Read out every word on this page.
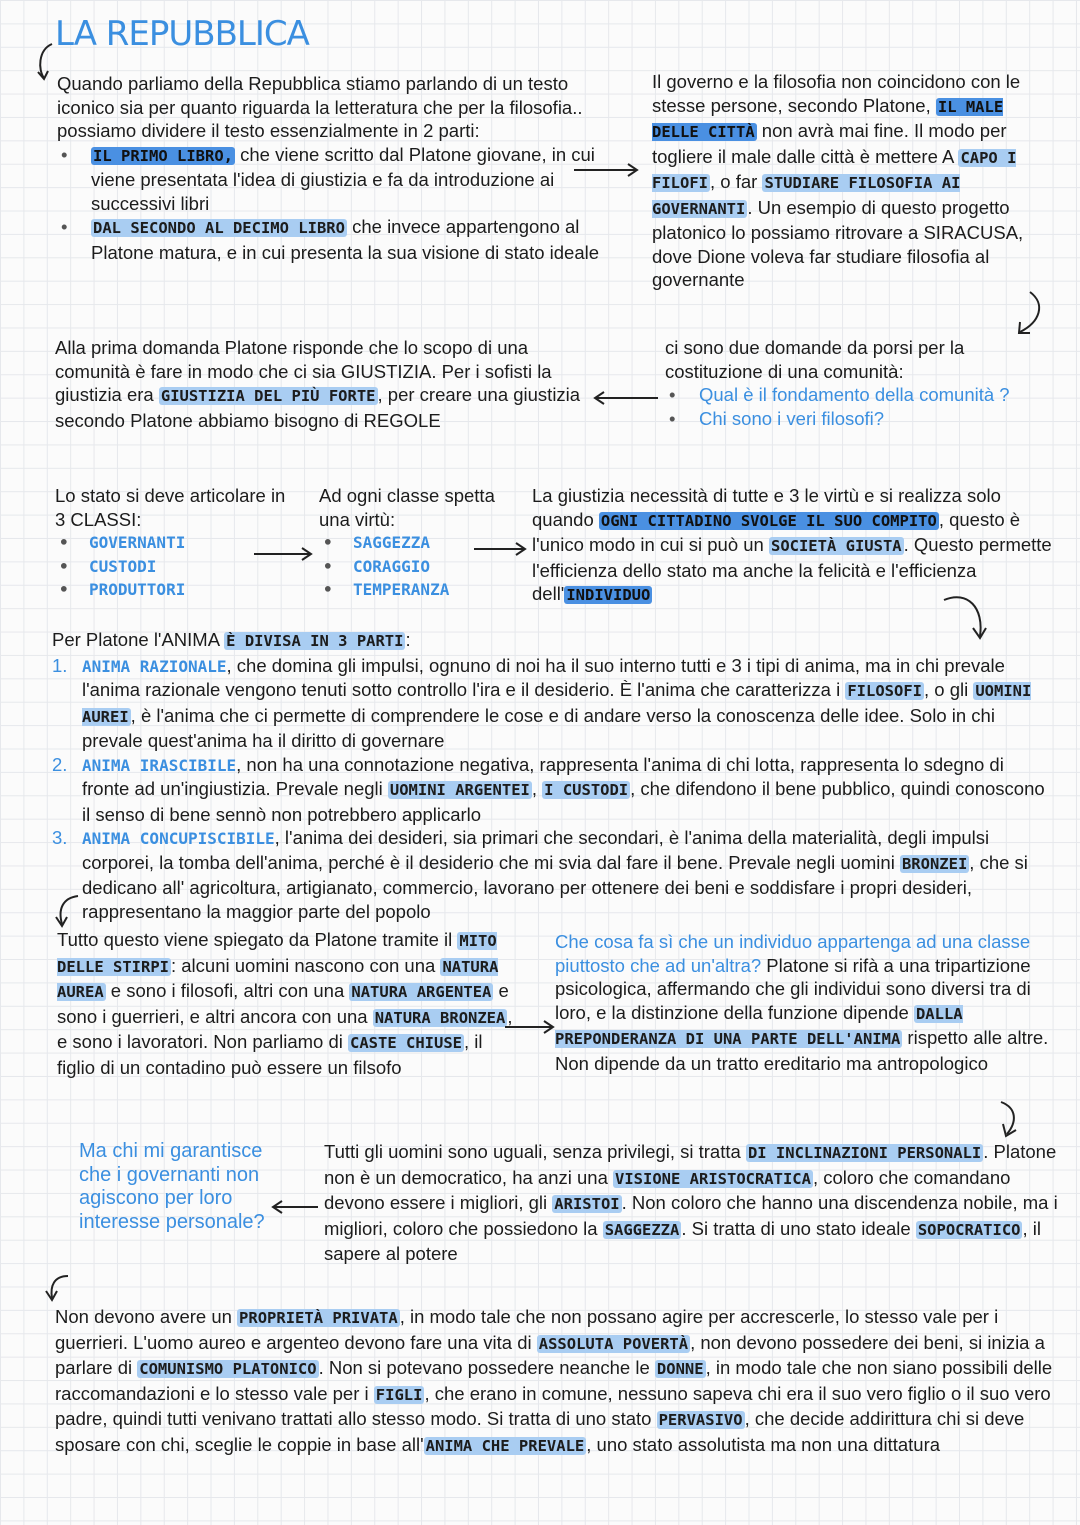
LA REPUBBLICA

Quando parliamo della Repubblica stiamo parlando di un testo iconico sia per quanto riguarda la letteratura che per la filosofia.. possiamo dividere il testo essenzialmente in 2 parti:

• IL PRIMO LIBRO, che viene scritto dal Platone giovane, in cui viene presentata l'idea di giustizia e fa da introduzione ai successivi libri

• DAL SECONDO AL DECIMO LIBRO che invece appartengono al Platone matura, e in cui presenta la sua visione di stato ideale

Il governo e la filosofia non coincidono con le stesse persone, secondo Platone, IL MALE DELLE CITTÀ non avrà mai fine. Il modo per togliere il male dalle città è mettere A CAPO I FILOFI , o far STUDIARE FILOSOFIA AI GOVERNANTI . Un esempio di questo progetto platonico lo possiamo ritrovare a SIRACUSA, dove Dione voleva far studiare filosofia al governante

Alla prima domanda Platone risponde che lo scopo di una comunità è fare in modo che ci sia GIUSTIZIA. Per i sofisti la giustizia era GIUSTIZIA DEL PIÙ FORTE , per creare una giustizia secondo Platone abbiamo bisogno di REGOLE

ci sono due domande da porsi per la costituzione di una comunità:

• Qual è il fondamento della comunità ?

• Chi sono i veri filosofi?

Lo stato si deve articolare in 3 CLASSI:

• GOVERNANTI

• CUSTODI

• PRODUTTORI

Ad ogni classe spetta una virtù:

• SAGGEZZA

• CORAGGIO

• TEMPERANZA

La giustizia necessità di tutte e 3 le virtù e si realizza solo quando OGNI CITTADINO SVOLGE IL SUO COMPITO , questo è l'unico modo in cui si può un SOCIETÀ GIUSTA . Questo permette l'efficienza dello stato ma anche la felicità e l'efficienza dell' INDIVIDUO

Per Platone l'ANIMA È DIVISA IN 3 PARTI :

1. ANIMA RAZIONALE, che domina gli impulsi, ognuno di noi ha il suo interno tutti e 3 i tipi di anima, ma in chi prevale l'anima razionale vengono tenuti sotto controllo l'ira e il desiderio. È l'anima che caratterizza i FILOSOFI , o gli UOMINI AUREI , è l'anima che ci permette di comprendere le cose e di andare verso la conoscenza delle idee. Solo in chi prevale quest'anima ha il diritto di governare

2. ANIMA IRASCIBILE, non ha una connotazione negativa, rappresenta l'anima di chi lotta, rappresenta lo sdegno di fronte ad un'ingiustizia. Prevale negli UOMINI ARGENTEI , I CUSTODI , che difendono il bene pubblico, quindi conoscono il senso di bene sennò non potrebbero applicarlo

3. ANIMA CONCUPISCIBILE, l'anima dei desideri, sia primari che secondari, è l'anima della materialità, degli impulsi corporei, la tomba dell'anima, perché è il desiderio che mi svia dal fare il bene. Prevale negli uomini BRONZEI , che si dedicano all' agricoltura, artigianato, commercio, lavorano per ottenere dei beni e soddisfare i propri desideri, rappresentano la maggior parte del popolo

Tutto questo viene spiegato da Platone tramite il MITO DELLE STIRPI : alcuni uomini nascono con una NATURA AUREA e sono i filosofi, altri con una NATURA ARGENTEA e sono i guerrieri, e altri ancora con una NATURA BRONZEA , e sono i lavoratori. Non parliamo di CASTE CHIUSE , il figlio di un contadino può essere un filsofo

Che cosa fa sì che un individuo appartenga ad una classe piuttosto che ad un'altra? Platone si rifà a una tripartizione psicologica, affermando che gli individui sono diversi tra di loro, e la distinzione della funzione dipende DALLA PREPONDERANZA DI UNA PARTE DELL'ANIMA rispetto alle altre. Non dipende da un tratto ereditario ma antropologico

Ma chi mi garantisce che i governanti non agiscono per loro interesse personale?

Tutti gli uomini sono uguali, senza privilegi, si tratta DI INCLINAZIONI PERSONALI . Platone non è un democratico, ha anzi una VISIONE ARISTOCRATICA , coloro che comandano devono essere i migliori, gli ARISTOI . Non coloro che hanno una discendenza nobile, ma i migliori, coloro che possiedono la SAGGEZZA . Si tratta di uno stato ideale SOPOCRATICO , il sapere al potere

Non devono avere un PROPRIETÀ PRIVATA , in modo tale che non possano agire per accrescerle, lo stesso vale per i guerrieri. L'uomo aureo e argenteo devono fare una vita di ASSOLUTA POVERTÀ , non devono possedere dei beni, si inizia a parlare di COMUNISMO PLATONICO . Non si potevano possedere neanche le DONNE , in modo tale che non siano possibili delle raccomandazioni e lo stesso vale per i FIGLI , che erano in comune, nessuno sapeva chi era il suo vero figlio o il suo vero padre, quindi tutti venivano trattati allo stesso modo. Si tratta di uno stato PERVASIVO , che decide addirittura chi si deve sposare con chi, sceglie le coppie in base all' ANIMA CHE PREVALE , uno stato assolutista ma non una dittatura
